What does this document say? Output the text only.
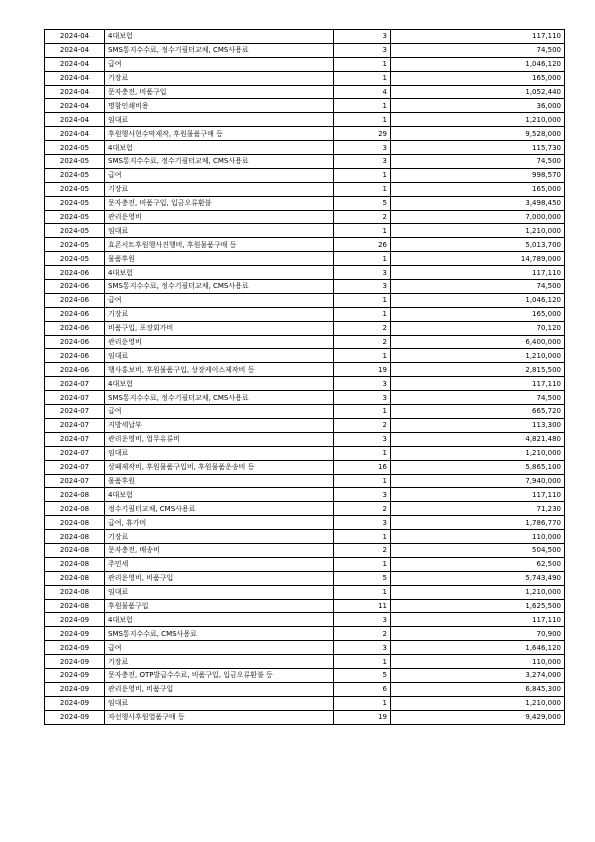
2024-04	4대보험	3	117,110
2024-04	SMS통지수수료, 정수기필터교체, CMS사용료	3	74,500
2024-04	급여	1	1,046,120
2024-04	기장료	1	165,000
2024-04	문자충전, 비품구입	4	1,052,440
2024-04	명함인쇄비용	1	36,000
2024-04	임대료	1	1,210,000
2024-04	후원행사현수막제작, 후원물품구매 등	29	9,528,000
2024-05	4대보험	3	115,730
2024-05	SMS통지수수료, 정수기필터교체, CMS사용료	3	74,500
2024-05	급여	1	998,570
2024-05	기장료	1	165,000
2024-05	문자충전, 비품구입, 입금오류환불	5	3,498,450
2024-05	관리운영비	2	7,000,000
2024-05	임대료	1	1,210,000
2024-05	효콘서트후원행사진행비, 후원물품구매 등	26	5,013,700
2024-05	물품후원	1	14,789,000
2024-06	4대보험	3	117,110
2024-06	SMS통지수수료, 정수기필터교체, CMS사용료	3	74,500
2024-06	급여	1	1,046,120
2024-06	기장료	1	165,000
2024-06	비품구입, 포장회가비	2	70,120
2024-06	관리운영비	2	6,400,000
2024-06	임대료	1	1,210,000
2024-06	행사홍보비, 후원물품구입, 상장케이스제작비 등	19	2,815,500
2024-07	4대보험	3	117,110
2024-07	SMS통지수수료, 정수기필터교체, CMS사용료	3	74,500
2024-07	급여	1	665,720
2024-07	지방세납부	2	113,300
2024-07	관리운영비, 업무유류비	3	4,821,480
2024-07	임대료	1	1,210,000
2024-07	상패제작비, 후원물품구입비, 후원물품운송비 등	16	5,865,100
2024-07	물품후원	1	7,940,000
2024-08	4대보험	3	117,110
2024-08	정수기필터교체, CMS사용료	2	71,230
2024-08	급여, 휴가비	3	1,786,770
2024-08	기장료	1	110,000
2024-08	문자충전, 배송비	2	504,500
2024-08	주민세	1	62,500
2024-08	관리운영비, 비품구입	5	5,743,490
2024-08	임대료	1	1,210,000
2024-08	후원물품구입	11	1,625,500
2024-09	4대보험	3	117,110
2024-09	SMS통지수수료, CMS사용료	2	70,900
2024-09	급여	3	1,646,120
2024-09	기장료	1	110,000
2024-09	문자충전, OTP발급수수료, 비품구입, 입금오류환불 등	5	3,274,000
2024-09	관리운영비, 비품구입	6	6,845,300
2024-09	임대료	1	1,210,000
2024-09	자선행사후원열품구매 등	19	9,429,000
